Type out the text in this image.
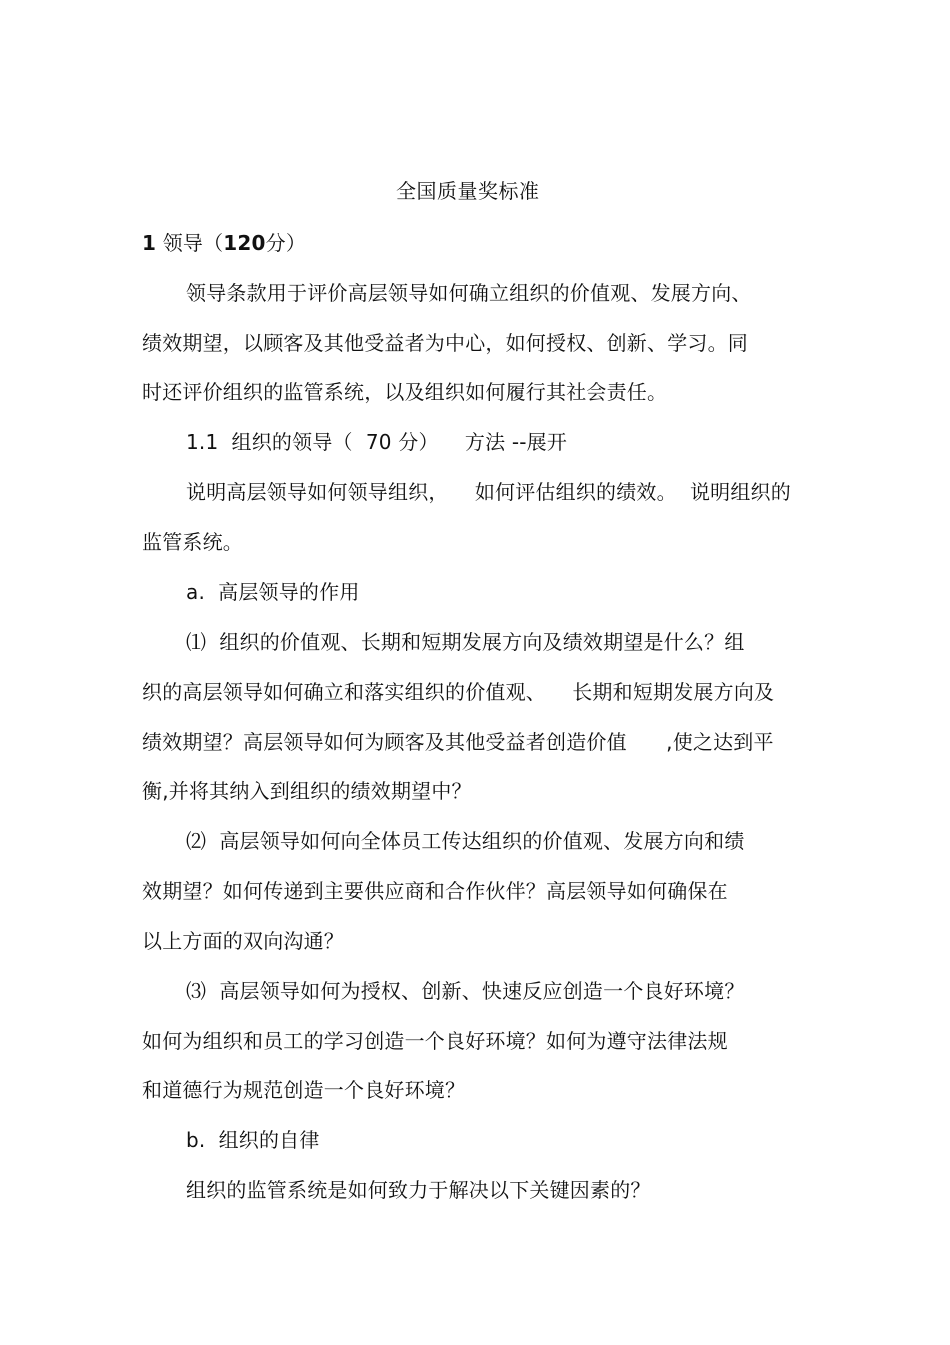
全国质量奖标准
1 领导（120分）
领导条款用于评价高层领导如何确立组织的价值观、发展方向、
绩效期望，以顾客及其他受益者为中心，如何授权、创新、学习。同
时还评价组织的监管系统，以及组织如何履行其社会责任。
1.1  组织的领导（  70 分）    方法 --展开
说明高层领导如何领导组织，    如何评估组织的绩效。  说明组织的
监管系统。
a.  高层领导的作用
⑴  组织的价值观、长期和短期发展方向及绩效期望是什么？组
织的高层领导如何确立和落实组织的价值观、    长期和短期发展方向及
绩效期望？高层领导如何为顾客及其他受益者创造价值      ,使之达到平
衡,并将其纳入到组织的绩效期望中？
⑵  高层领导如何向全体员工传达组织的价值观、发展方向和绩
效期望？如何传递到主要供应商和合作伙伴？高层领导如何确保在
以上方面的双向沟通？
⑶  高层领导如何为授权、创新、快速反应创造一个良好环境？
如何为组织和员工的学习创造一个良好环境？如何为遵守法律法规
和道德行为规范创造一个良好环境？
b.  组织的自律
组织的监管系统是如何致力于解决以下关键因素的？
